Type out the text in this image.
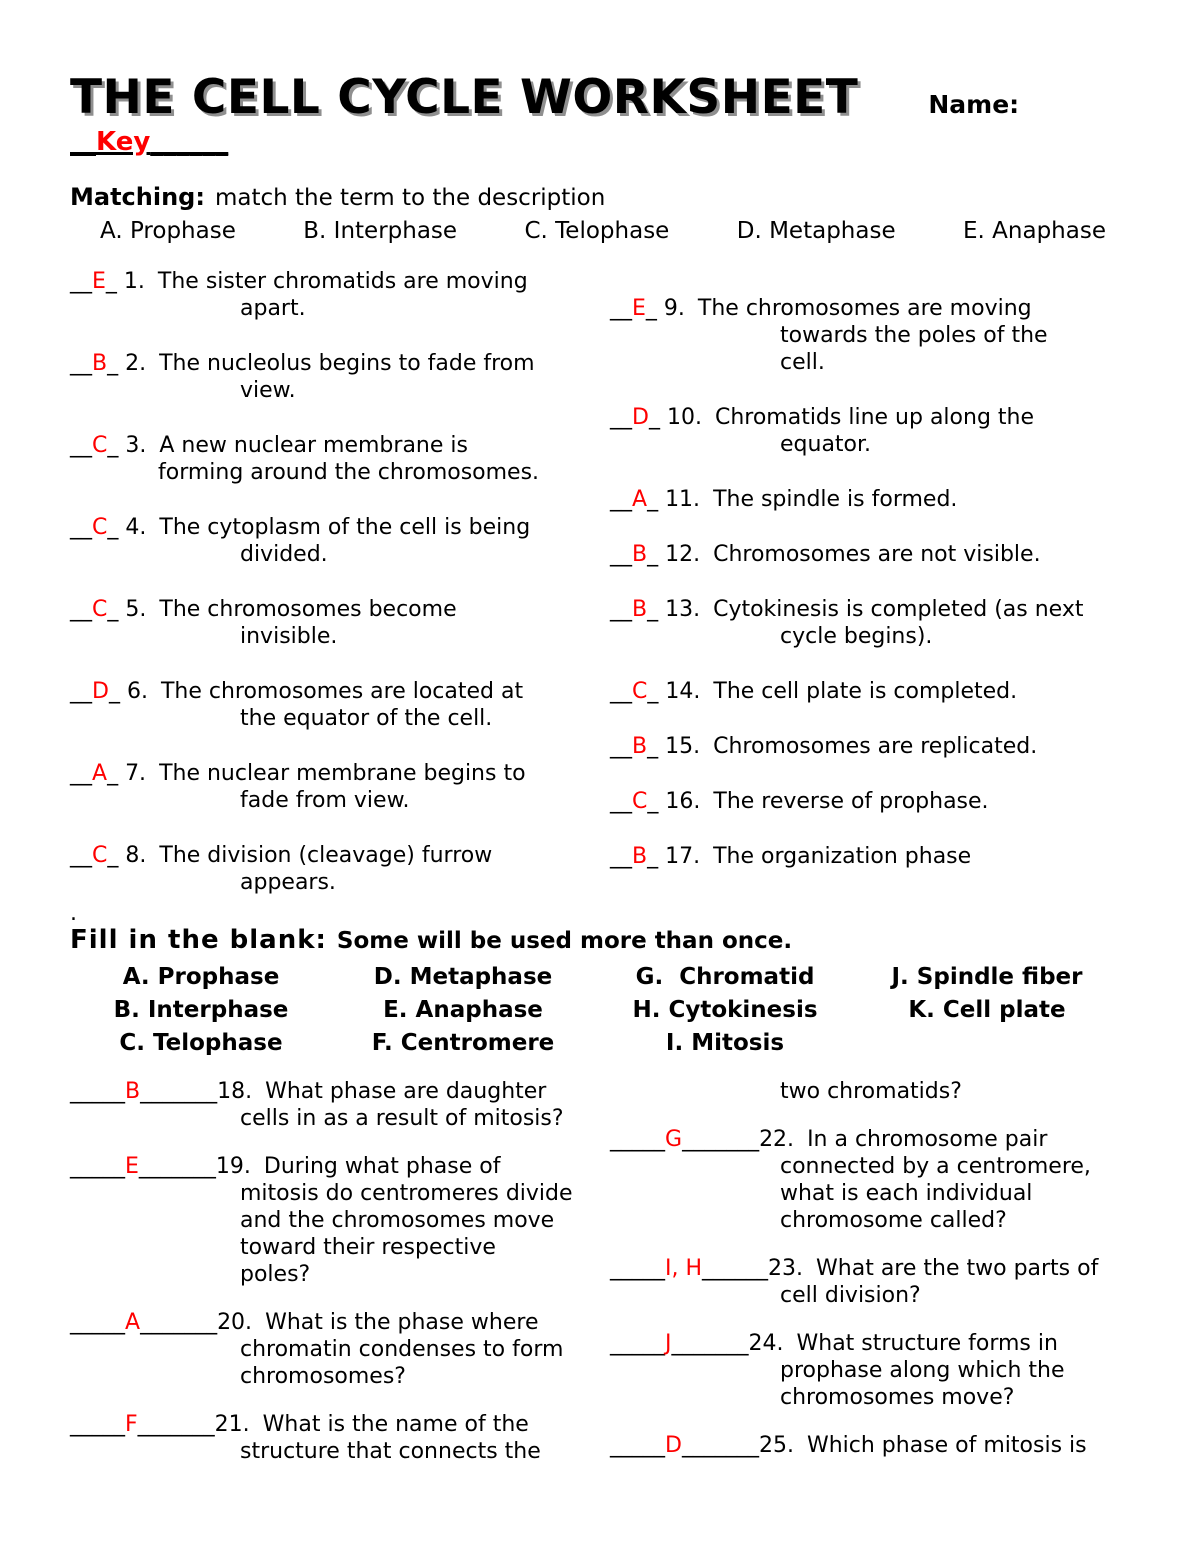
THE CELL CYCLE WORKSHEET	Name:
__Key______
Matching: match the term to the description
A. Prophase	B. Interphase	C. Telophase	D. Metaphase	E. Anaphase
__E_ 1. The sister chromatids are moving
apart.
__B_ 2. The nucleolus begins to fade from
view.
__C_ 3. A new nuclear membrane is
forming around the chromosomes.
__C_ 4. The cytoplasm of the cell is being
divided.
__C_ 5. The chromosomes become
invisible.
__D_ 6. The chromosomes are located at
the equator of the cell.
__A_ 7. The nuclear membrane begins to
fade from view.
__C_ 8. The division (cleavage) furrow
appears.
.
__E_ 9. The chromosomes are moving
towards the poles of the
cell.
__D_ 10. Chromatids line up along the
equator.
__A_ 11. The spindle is formed.
__B_ 12. Chromosomes are not visible.
__B_ 13. Cytokinesis is completed (as next
cycle begins).
__C_ 14. The cell plate is completed.
__B_ 15. Chromosomes are replicated.
__C_ 16. The reverse of prophase.
__B_ 17. The organization phase
Fill in the blank: Some will be used more than once.
A. Prophase	D. Metaphase	G.  Chromatid	J. Spindle fiber
B. Interphase	E. Anaphase	H. Cytokinesis	K. Cell plate
C. Telophase	F. Centromere	I. Mitosis
_____B_______18. What phase are daughter
cells in as a result of mitosis?
_____E_______19. During what phase of
mitosis do centromeres divide
and the chromosomes move
toward their respective
poles?
_____A_______20. What is the phase where
chromatin condenses to form
chromosomes?
_____F_______21. What is the name of the
structure that connects the
two chromatids?
_____G_______22. In a chromosome pair
connected by a centromere,
what is each individual
chromosome called?
_____I, H______23. What are the two parts of
cell division?
_____J_______24. What structure forms in
prophase along which the
chromosomes move?
_____D_______25. Which phase of mitosis is
